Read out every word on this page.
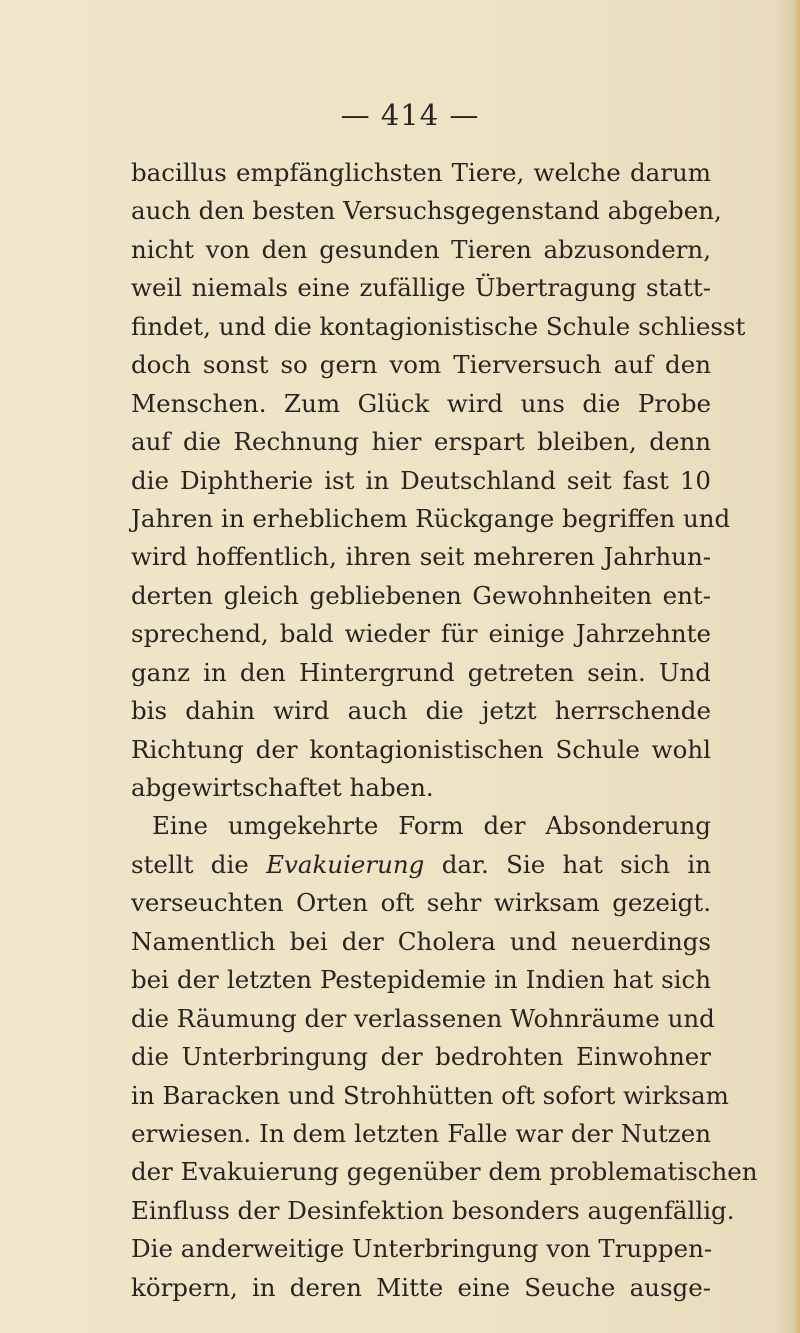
— 414 —
bacillus empfänglichsten Tiere, welche darum
auch den besten Versuchsgegenstand abgeben,
nicht von den gesunden Tieren abzusondern,
weil niemals eine zufällige Übertragung statt-
findet, und die kontagionistische Schule schliesst
doch sonst so gern vom Tierversuch auf den
Menschen. Zum Glück wird uns die Probe
auf die Rechnung hier erspart bleiben, denn
die Diphtherie ist in Deutschland seit fast 10
Jahren in erheblichem Rückgange begriffen und
wird hoffentlich, ihren seit mehreren Jahrhun-
derten gleich gebliebenen Gewohnheiten ent-
sprechend, bald wieder für einige Jahrzehnte
ganz in den Hintergrund getreten sein. Und
bis dahin wird auch die jetzt herrschende
Richtung der kontagionistischen Schule wohl
abgewirtschaftet haben.
Eine umgekehrte Form der Absonderung
stellt die Evakuierung dar. Sie hat sich in
verseuchten Orten oft sehr wirksam gezeigt.
Namentlich bei der Cholera und neuerdings
bei der letzten Pestepidemie in Indien hat sich
die Räumung der verlassenen Wohnräume und
die Unterbringung der bedrohten Einwohner
in Baracken und Strohhütten oft sofort wirksam
erwiesen. In dem letzten Falle war der Nutzen
der Evakuierung gegenüber dem problematischen
Einfluss der Desinfektion besonders augenfällig.
Die anderweitige Unterbringung von Truppen-
körpern, in deren Mitte eine Seuche ausge-
